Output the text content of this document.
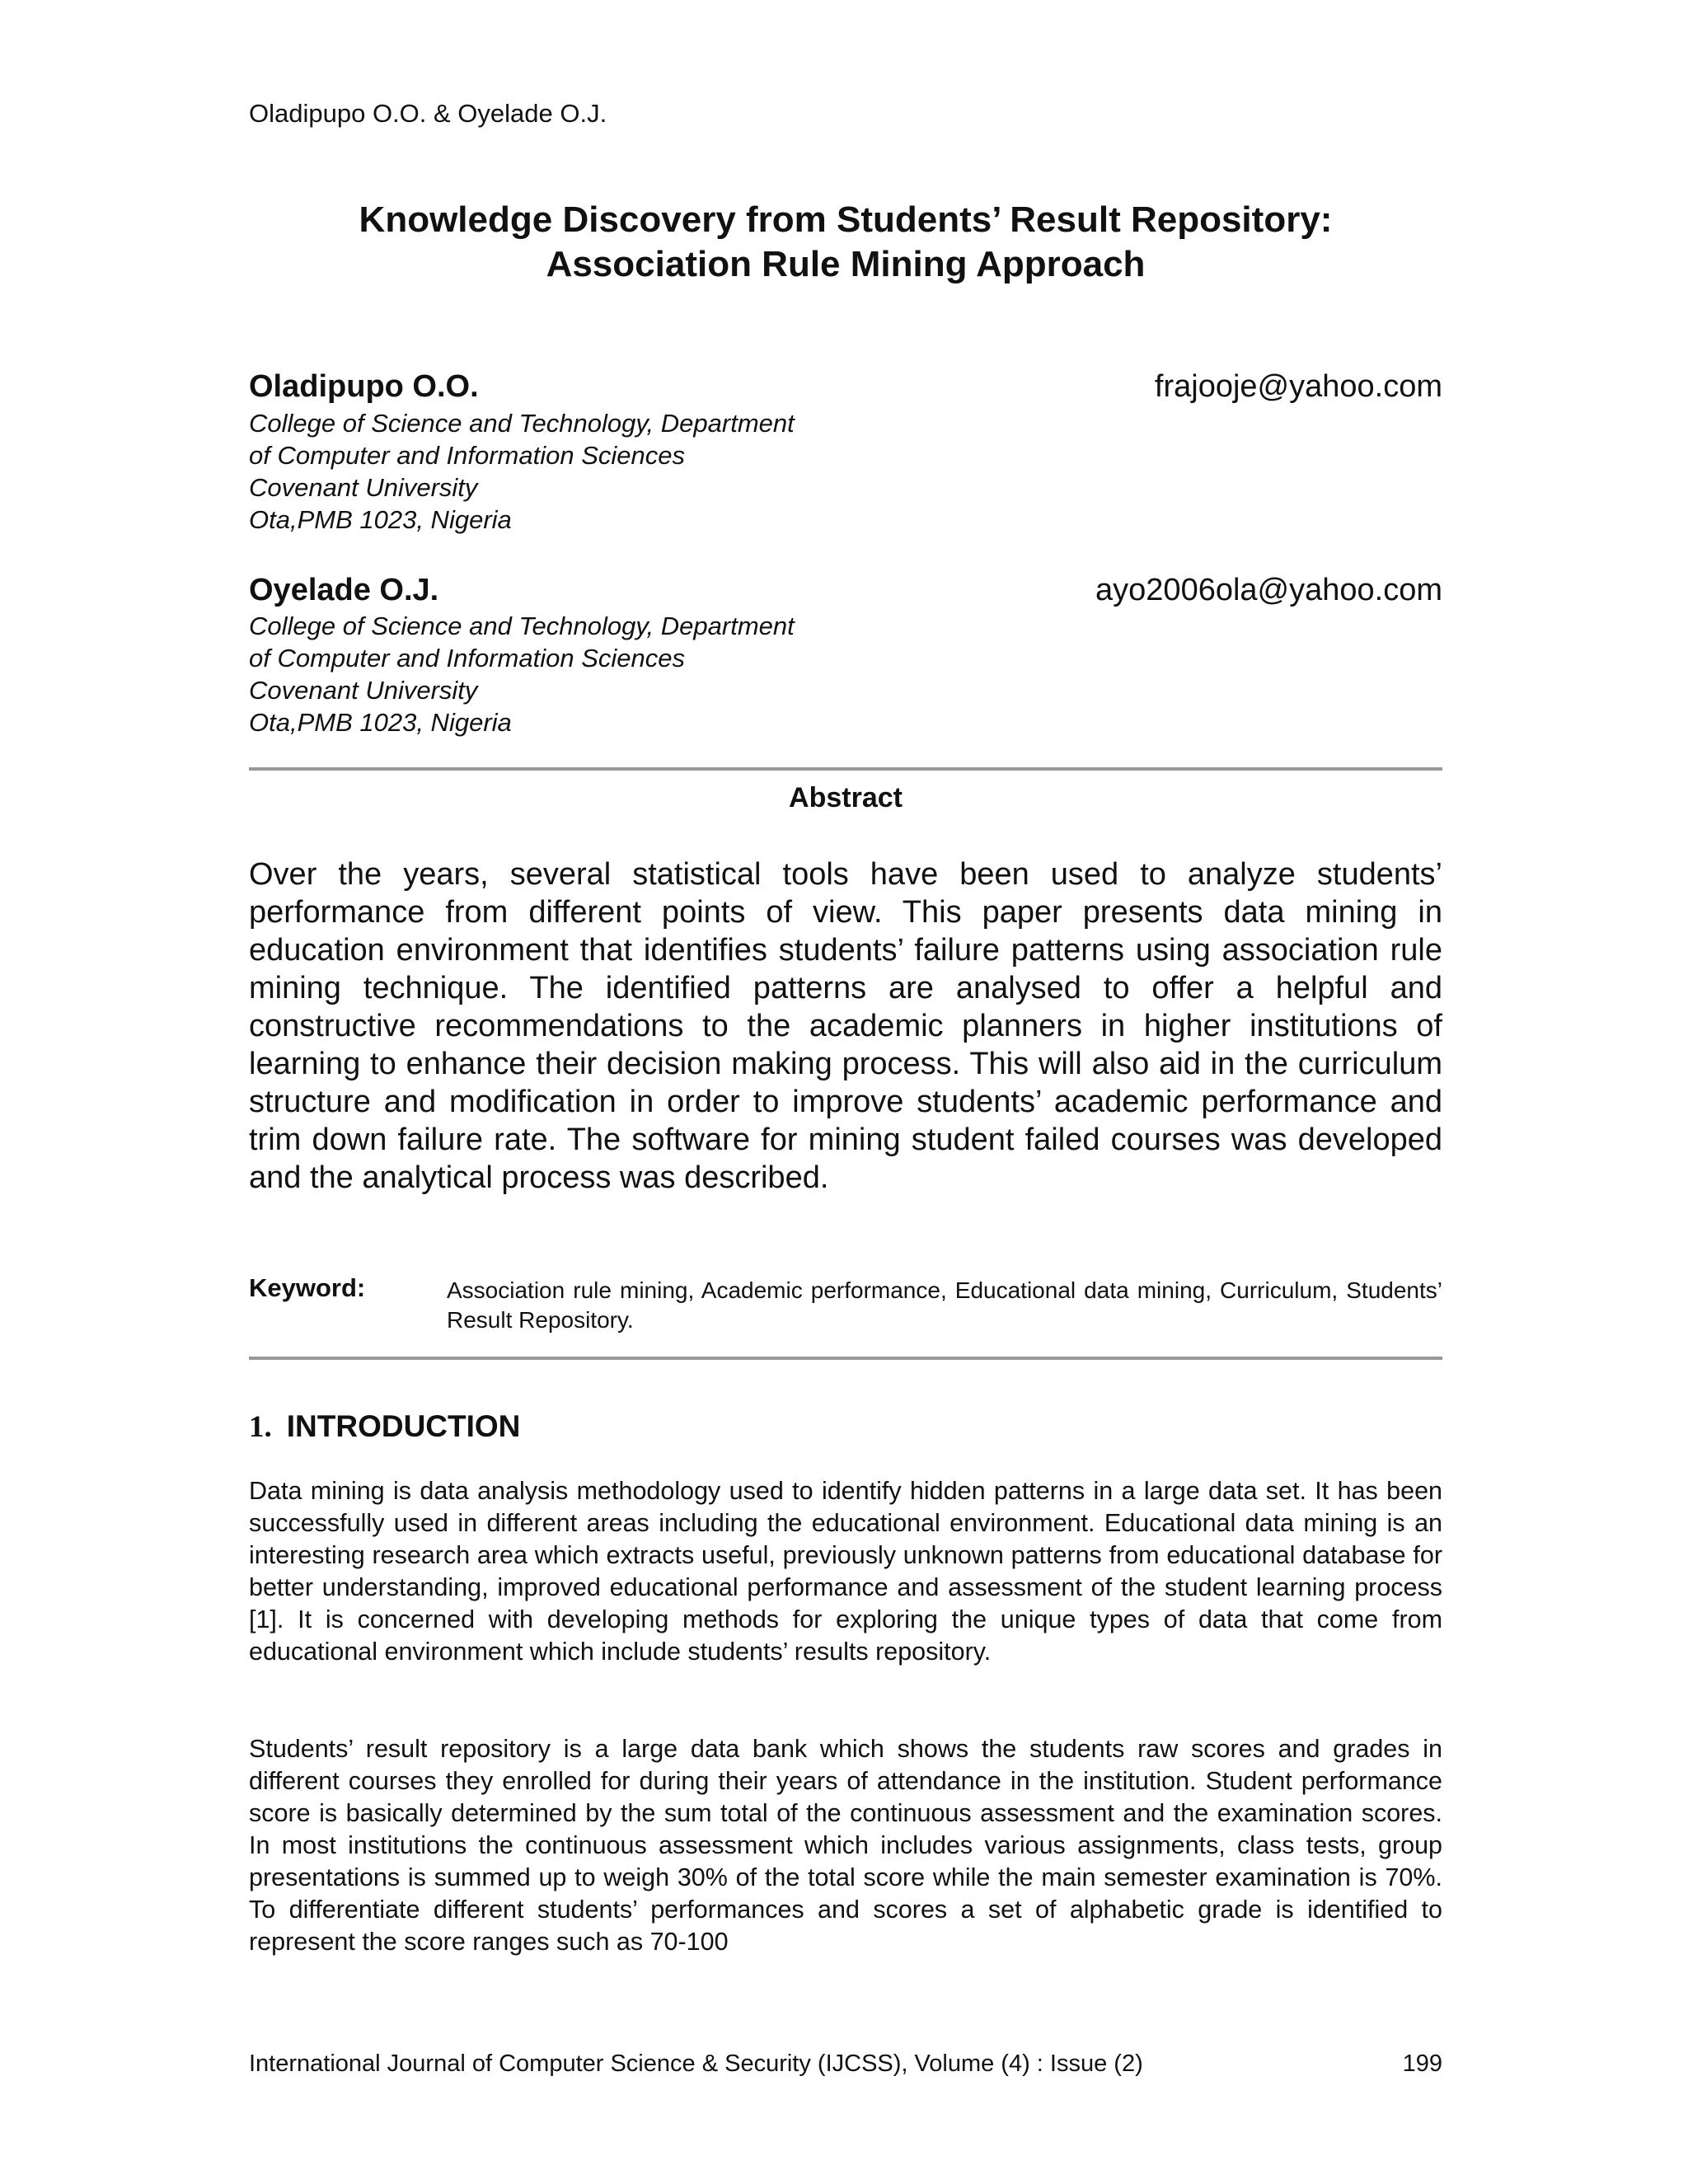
Oladipupo O.O. & Oyelade O.J.
Knowledge Discovery from Students’ Result Repository:
Association Rule Mining Approach
Oladipupo O.O.	frajooje@yahoo.com
College of Science and Technology, Department
of Computer and Information Sciences
Covenant University
Ota,PMB 1023, Nigeria
Oyelade O.J.	ayo2006ola@yahoo.com
College of Science and Technology, Department
of Computer and Information Sciences
Covenant University
Ota,PMB 1023, Nigeria
Abstract

Over the years, several statistical tools have been used to analyze students’ performance from different points of view. This paper presents data mining in education environment that identifies students’ failure patterns using association rule mining technique. The identified patterns are analysed to offer a helpful and constructive recommendations to the academic planners in higher institutions of learning to enhance their decision making process. This will also aid in the curriculum structure and modification in order to improve students’ academic performance and trim down failure rate. The software for mining student failed courses was developed and the analytical process was described.

Keyword:	Association rule mining, Academic performance, Educational data mining, Curriculum, Students’ Result Repository.

1. INTRODUCTION

Data mining is data analysis methodology used to identify hidden patterns in a large data set. It has been successfully used in different areas including the educational environment. Educational data mining is an interesting research area which extracts useful, previously unknown patterns from educational database for better understanding, improved educational performance and assessment of the student learning process [1]. It is concerned with developing methods for exploring the unique types of data that come from educational environment which include students’ results repository.

Students’ result repository is a large data bank which shows the students raw scores and grades in different courses they enrolled for during their years of attendance in the institution. Student performance score is basically determined by the sum total of the continuous assessment and the examination scores. In most institutions the continuous assessment which includes various assignments, class tests, group presentations is summed up to weigh 30% of the total score while the main semester examination is 70%. To differentiate different students’ performances and scores a set of alphabetic grade is identified to represent the score ranges such as 70-100

International Journal of Computer Science & Security (IJCSS), Volume (4) : Issue (2)	199
